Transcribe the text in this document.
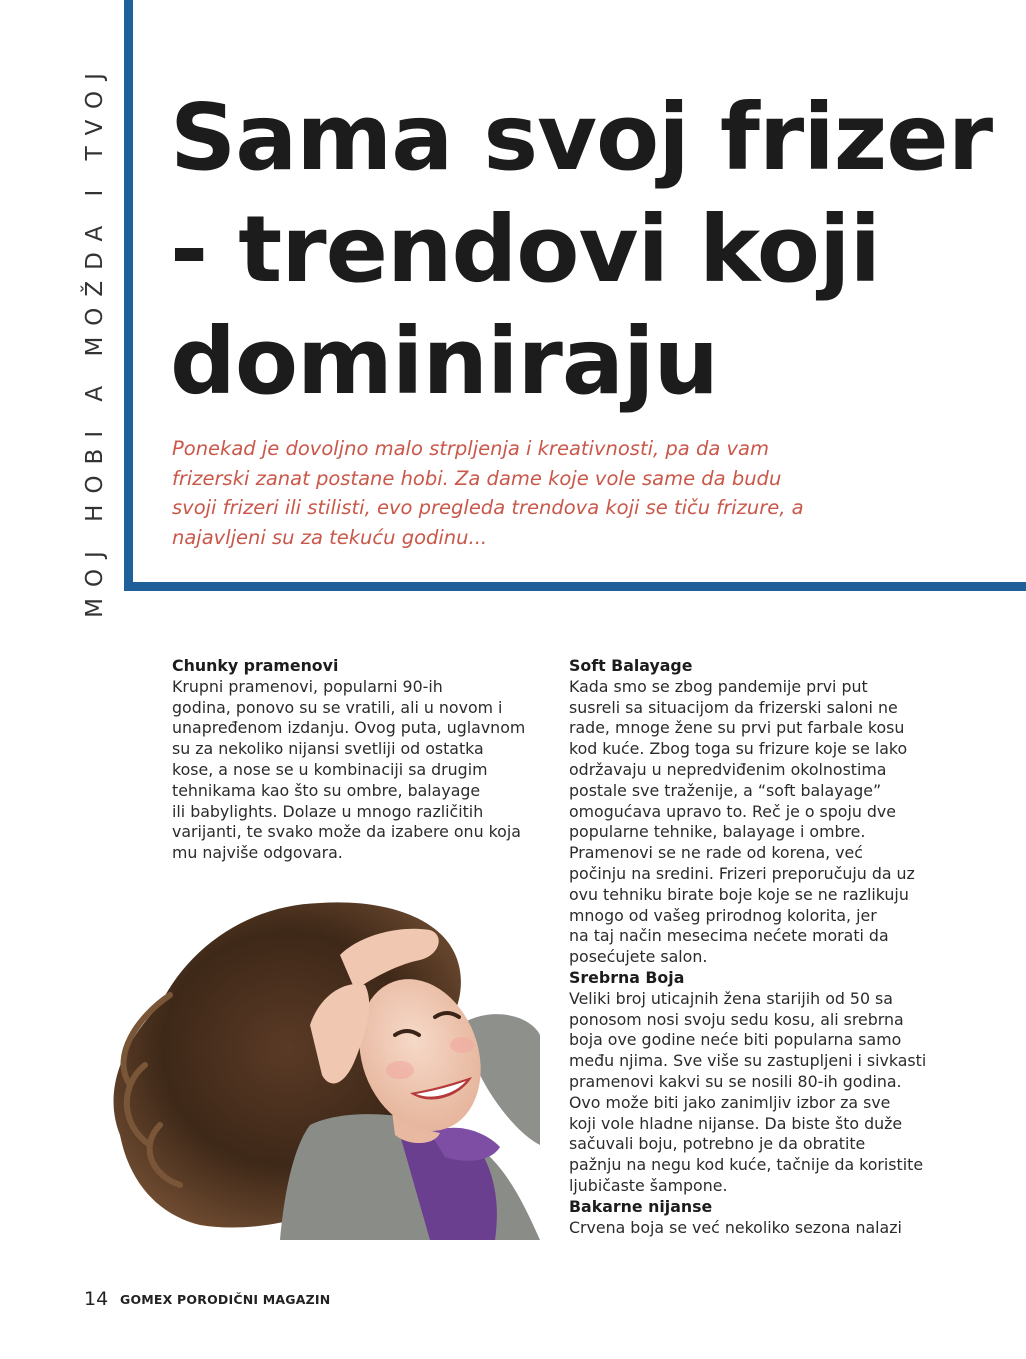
MOJ HOBI A MOŽDA I TVOJ Sama svoj frizer
- trendovi koji
dominiraju

Ponekad je dovoljno malo strpljenja i kreativnosti, pa da vam
frizerski zanat postane hobi. Za dame koje vole same da budu
svoji frizeri ili stilisti, evo pregleda trendova koji se tiču frizure, a
najavljeni su za tekuću godinu...

Chunky pramenovi

Krupni pramenovi, popularni 90-ih
godina, ponovo su se vratili, ali u novom i
unapređenom izdanju. Ovog puta, uglavnom
su za nekoliko nijansi svetliji od ostatka
kose, a nose se u kombinaciji sa drugim
tehnikama kao što su ombre, balayage
ili babylights. Dolaze u mnogo različitih
varijanti, te svako može da izabere onu koja
mu najviše odgovara.

Soft Balayage

Kada smo se zbog pandemije prvi put
susreli sa situacijom da frizerski saloni ne
rade, mnoge žene su prvi put farbale kosu
kod kuće. Zbog toga su frizure koje se lako
održavaju u nepredviđenim okolnostima
postale sve traženije, a “soft balayage”
omogućava upravo to. Reč je o spoju dve
popularne tehnike, balayage i ombre.
Pramenovi se ne rade od korena, već
počinju na sredini. Frizeri preporučuju da uz
ovu tehniku birate boje koje se ne razlikuju
mnogo od vašeg prirodnog kolorita, jer
na taj način mesecima nećete morati da
posećujete salon.

Srebrna Boja

Veliki broj uticajnih žena starijih od 50 sa
ponosom nosi svoju sedu kosu, ali srebrna
boja ove godine neće biti popularna samo
među njima. Sve više su zastupljeni i sivkasti
pramenovi kakvi su se nosili 80-ih godina.
Ovo može biti jako zanimljiv izbor za sve
koji vole hladne nijanse. Da biste što duže
sačuvali boju, potrebno je da obratite
pažnju na negu kod kuće, tačnije da koristite
ljubičaste šampone.

Bakarne nijanse

Crvena boja se već nekoliko sezona nalazi

14 GOMEX PORODIČNI MAGAZIN
